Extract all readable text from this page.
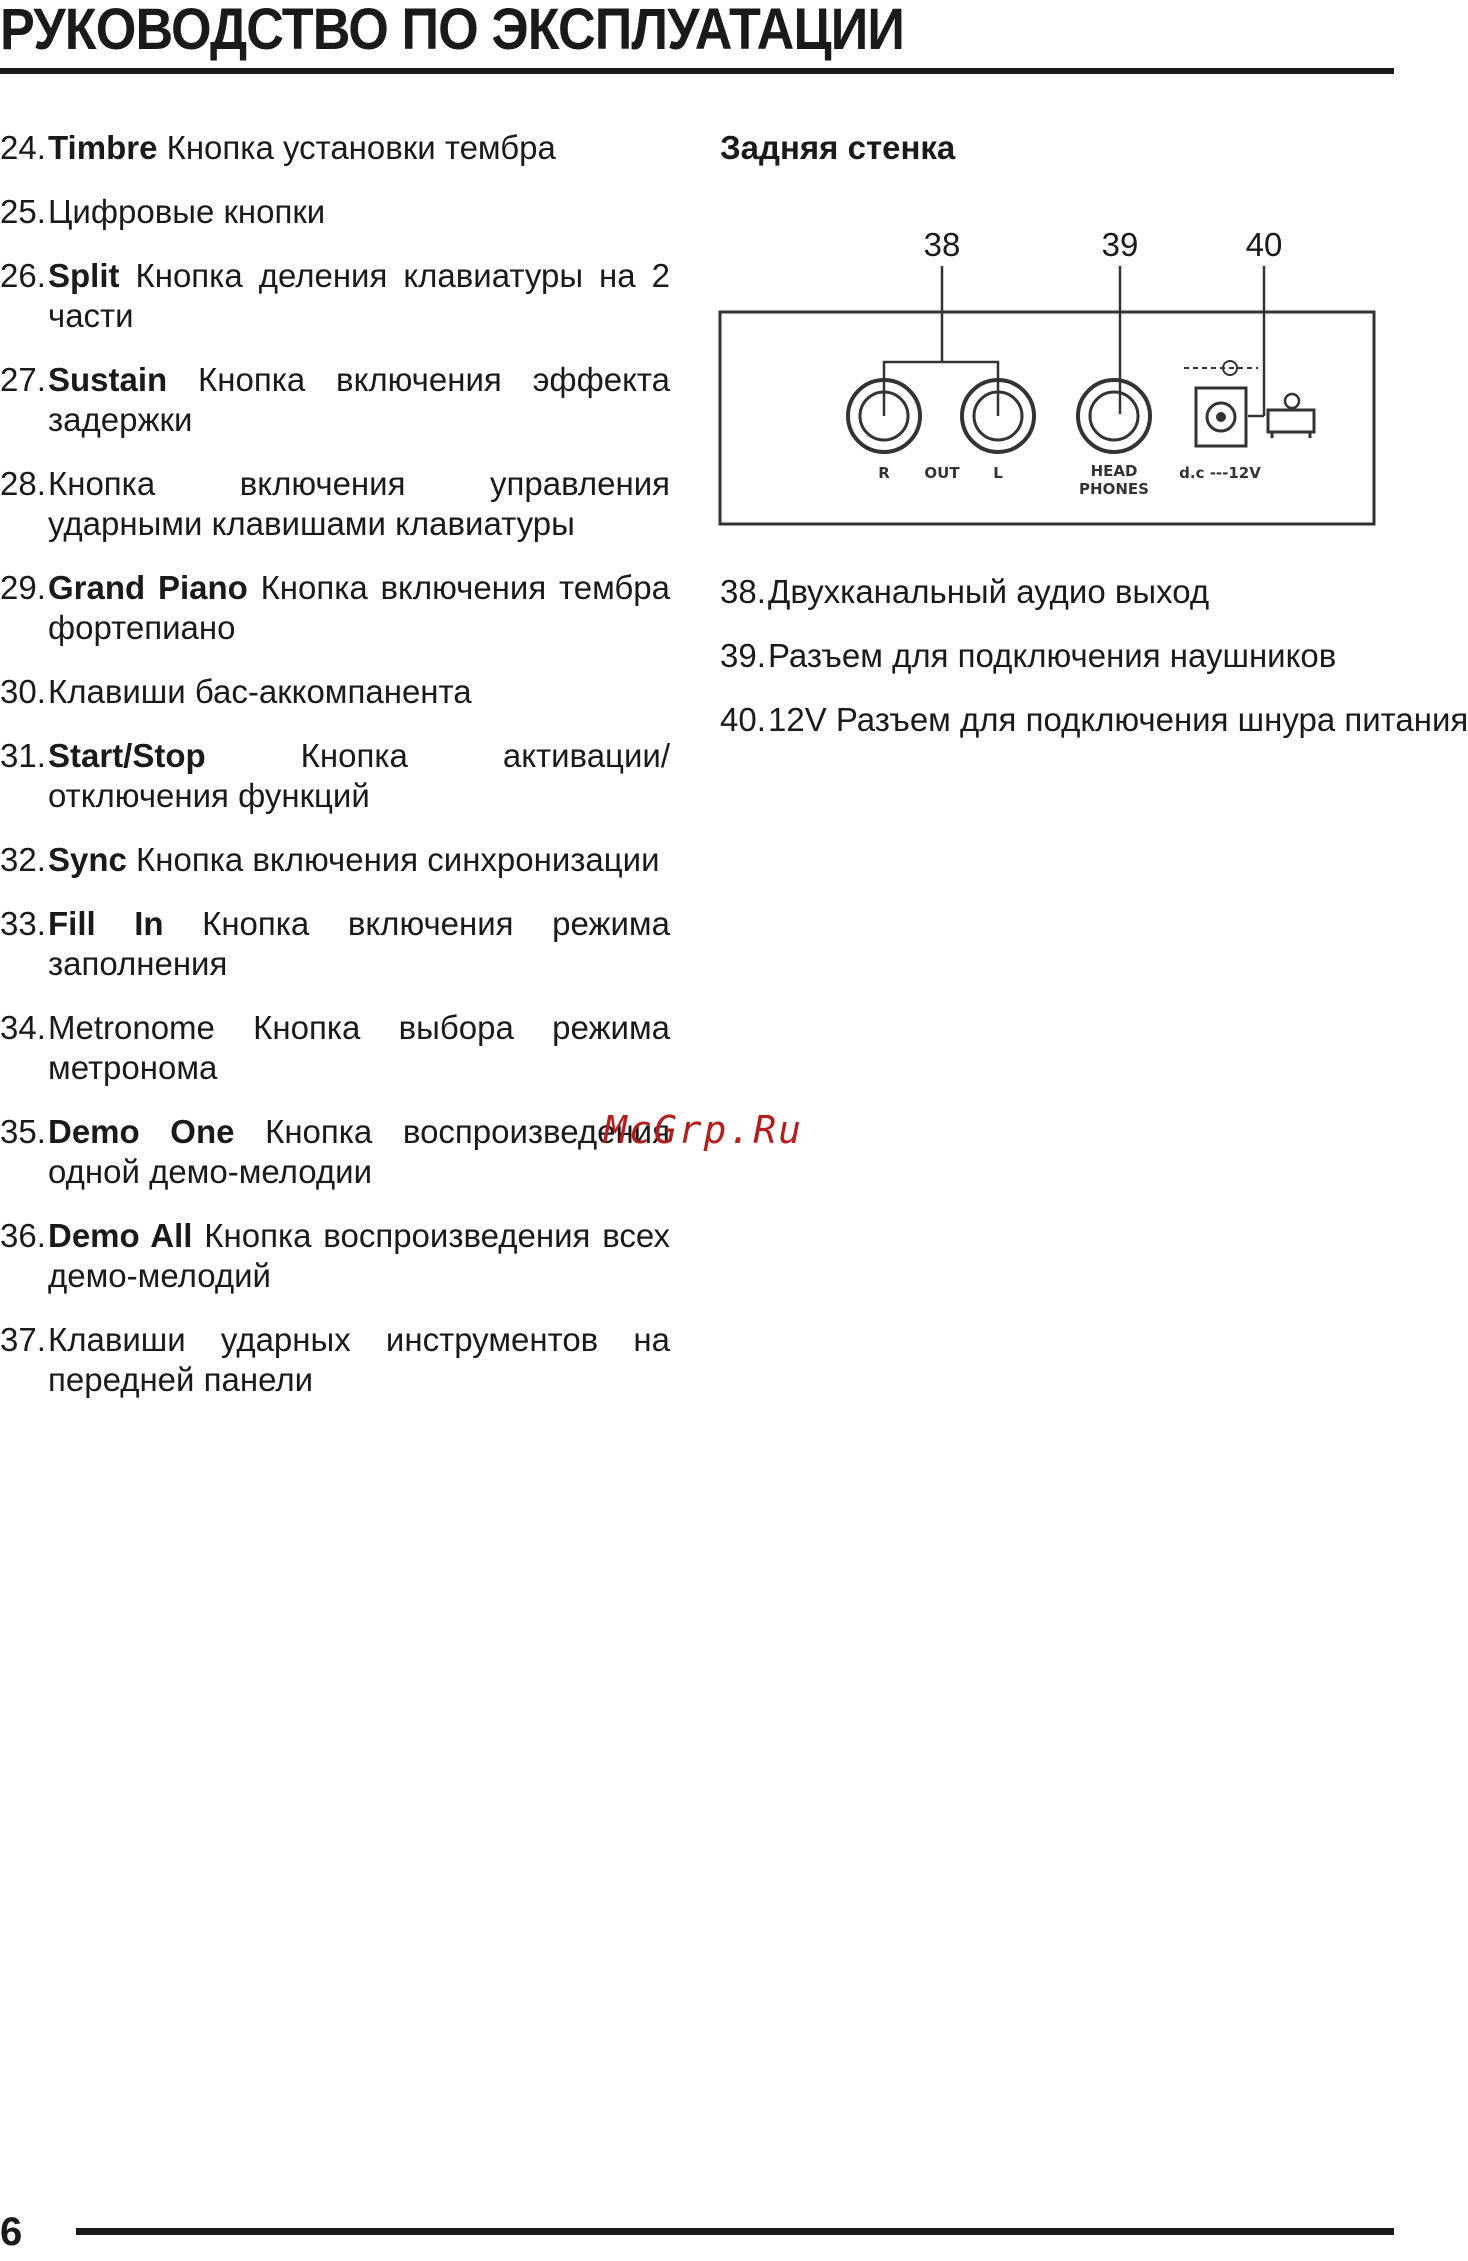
РУКОВОДСТВО ПО ЭКСПЛУАТАЦИИ
24. Timbre Кнопка установки тембра
25. Цифровые кнопки
26. Split Кнопка деления клавиатуры на 2 части
27. Sustain Кнопка включения эффекта задержки
28. Кнопка включения управления ударными клавишами клавиатуры
29. Grand Piano Кнопка включения тембра фортепиано
30. Клавиши бас-аккомпанента
31. Start/Stop Кнопка активации/отключения функций
32. Sync Кнопка включения синхронизации
33. Fill In Кнопка включения режима заполнения
34. Metronome Кнопка выбора режима метронома
35. Demo One Кнопка воспроизведения одной демо-мелодии
36. Demo All Кнопка воспроизведения всех демо-мелодий
37. Клавиши ударных инструментов на передней панели
Задняя стенка
38	39	40
R OUT L	HEAD
PHONES
d.c ---12V
38. Двухканальный аудио выход
39. Разъем для подключения наушников
40. 12V Разъем для подключения шнура питания
McGrp.Ru
6
